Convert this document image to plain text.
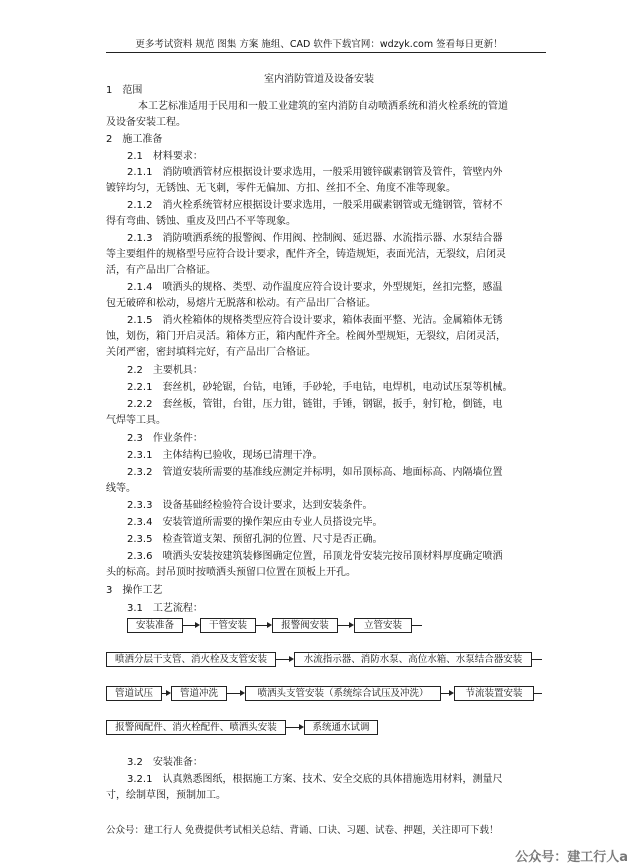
更多考试资料 规范 图集 方案 施组、CAD 软件下载官网：wdzyk.com 签看每日更新！
室内消防管道及设备安装
1　范围
本工艺标准适用于民用和一般工业建筑的室内消防自动喷洒系统和消火栓系统的管道
及设备安装工程。
2　施工准备
2.1　材料要求：
2.1.1　消防喷洒管材应根据设计要求选用，一般采用镀锌碳素钢管及管件，管壁内外
镀锌均匀，无锈蚀、无飞刺，零件无偏加、方扣、丝扣不全、角度不准等现象。
2.1.2　消火栓系统管材应根据设计要求选用，一般采用碳素钢管或无缝钢管，管材不
得有弯曲、锈蚀、重皮及凹凸不平等现象。
2.1.3　消防喷洒系统的报警阀、作用阀、控制阀、延迟器、水流指示器、水泵结合器
等主要组件的规格型号应符合设计要求，配件齐全，铸造规矩，表面光洁，无裂纹，启闭灵
活，有产品出厂合格证。
2.1.4　喷洒头的规格、类型、动作温度应符合设计要求，外型规矩，丝扣完整，感温
包无破碎和松动，易熔片无脱落和松动。有产品出厂合格证。
2.1.5　消火栓箱体的规格类型应符合设计要求，箱体表面平整、光洁。金属箱体无锈
蚀，划伤，箱门开启灵活。箱体方正，箱内配件齐全。栓阀外型规矩，无裂纹，启闭灵活，
关闭严密，密封填料完好，有产品出厂合格证。
2.2　主要机具：
2.2.1　套丝机，砂轮锯，台钻，电锤，手砂轮，手电钻，电焊机，电动试压泵等机械。
2.2.2　套丝板，管钳，台钳，压力钳，链钳，手锤，钢锯，扳手，射钉枪，倒链，电
气焊等工具。
2.3　作业条件：
2.3.1　主体结构已验收，现场已清理干净。
2.3.2　管道安装所需要的基准线应测定并标明，如吊顶标高、地面标高、内隔墙位置
线等。
2.3.3　设备基础经检验符合设计要求，达到安装条件。
2.3.4　安装管道所需要的操作架应由专业人员搭设完毕。
2.3.5　检查管道支架、预留孔洞的位置、尺寸是否正确。
2.3.6　喷洒头安装按建筑装修图确定位置，吊顶龙骨安装完按吊顶材料厚度确定喷洒
头的标高。封吊顶时按喷洒头预留口位置在顶板上开孔。
3　操作工艺
3.1　工艺流程：
安装准备	干管安装	报警阀安装	立管安装
喷洒分层干支管、消火栓及支管安装	水流指示器、消防水泵、高位水箱、水泵结合器安装
管道试压	管道冲洗	喷洒头支管安装（系统综合试压及冲洗）	节流装置安装
报警阀配件、消火栓配件、喷洒头安装	系统通水试调
3.2　安装准备：
3.2.1　认真熟悉图纸，根据施工方案、技术、安全交底的具体措施选用材料，测量尺
寸，绘制草图，预制加工。
公众号：建工行人 免费提供考试相关总结、背诵、口诀、习题、试卷、押题，关注即可下载！
公众号：建工行人a
